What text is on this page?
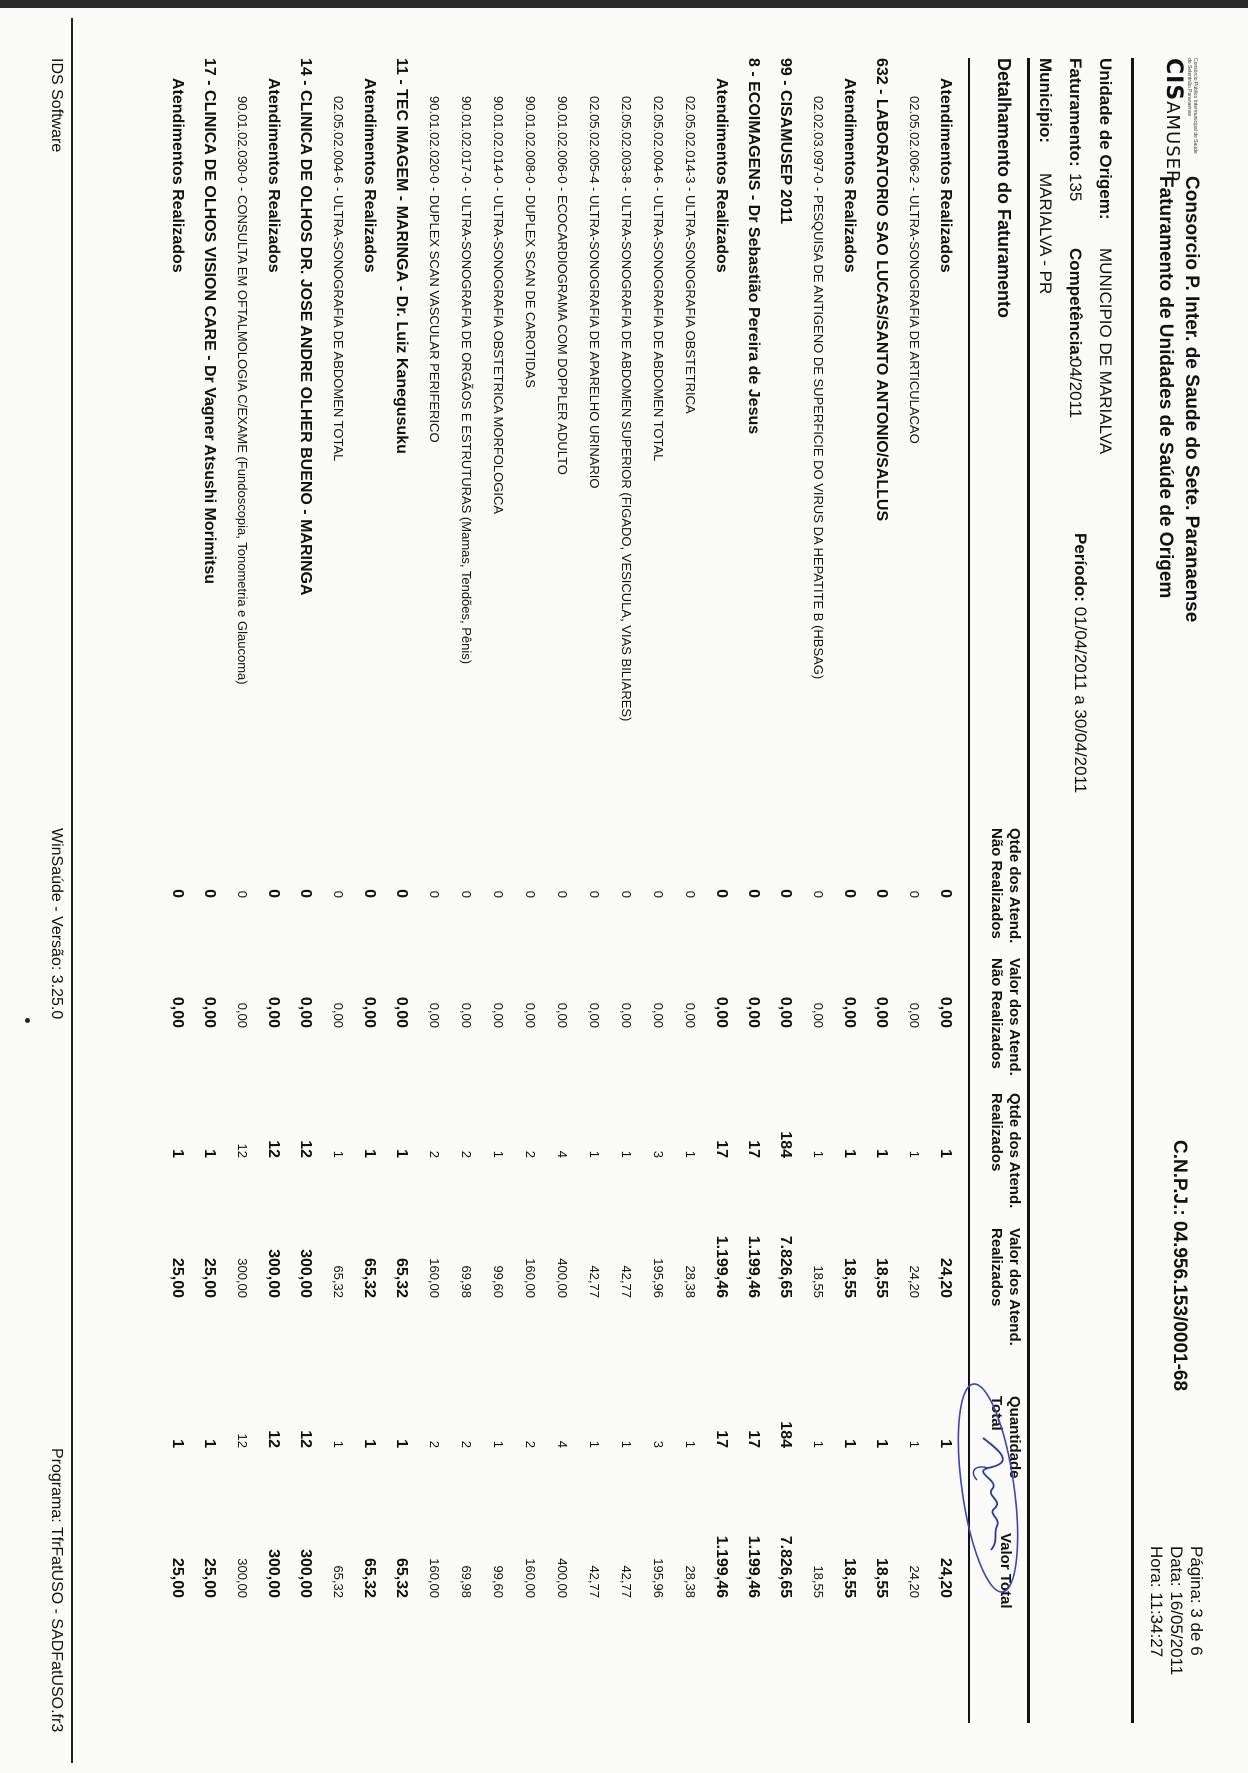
Consórcio Público Intermunicipal de Saúde do Setentrião Paranaense
CISAMUSEP
Consorcio P. Inter. de Saude do Sete. Paranaense
Faturamento de Unidades de Saúde de Origem
C.N.P.J.: 04.956.153/0001-68
Página: 3 de 6
Data: 16/05/2011
Hora: 11:34:27
Unidade de Origem:MUNICIPIO DE MARIALVA
Faturamento:135Competência:04/2011
Município:MARIALVA - PR
Período: 01/04/2011 a 30/04/2011
Detalhamento do Faturamento
Qtde dos Atend.
Não Realizados
Valor dos Atend.
Não Realizados
Qtde dos Atend.
Realizados
Valor dos Atend.
Realizados
Quantidade
Total
Valor Total
Atendimentos Realizados
0
0,00
1
24,20
1
24,20
02.05.02.006-2 - ULTRA-SONOGRAFIA DE ARTICULACAO
0
0,00
1
24,20
1
24,20
632 - LABORATORIO SAO LUCAS/SANTO ANTONIO/SALLUS
0
0,00
1
18,55
1
18,55
Atendimentos Realizados
0
0,00
1
18,55
1
18,55
02.02.03.097-0 - PESQUISA DE ANTIGENO DE SUPERFICIE DO VIRUS DA HEPATITE B (HBSAG)
0
0,00
1
18,55
1
18,55
99 - CISAMUSEP 2011
0
0,00
184
7.826,65
184
7.826,65
8 - ECOIMAGENS - Dr Sebastião Pereira de Jesus
0
0,00
17
1.199,46
17
1.199,46
Atendimentos Realizados
0
0,00
17
1.199,46
17
1.199,46
02.05.02.014-3 - ULTRA-SONOGRAFIA OBSTETRICA
0
0,00
1
28,38
1
28,38
02.05.02.004-6 - ULTRA-SONOGRAFIA DE ABDOMEN TOTAL
0
0,00
3
195,96
3
195,96
02.05.02.003-8 - ULTRA-SONOGRAFIA DE ABDOMEN SUPERIOR (FIGADO, VESICULA, VIAS BILIARES)
0
0,00
1
42,77
1
42,77
02.05.02.005-4 - ULTRA-SONOGRAFIA DE APARELHO URINARIO
0
0,00
1
42,77
1
42,77
90.01.02.006-0 - ECOCARDIOGRAMA COM DOPPLER ADULTO
0
0,00
4
400,00
4
400,00
90.01.02.008-0 - DUPLEX SCAN DE CAROTIDAS
0
0,00
2
160,00
2
160,00
90.01.02.014-0 - ULTRA-SONOGRAFIA OBSTETRICA MORFOLOGICA
0
0,00
1
99,60
1
99,60
90.01.02.017-0 - ULTRA-SONOGRAFIA DE ORGÃOS E ESTRUTURAS (Mamas, Tendões, Pênis)
0
0,00
2
69,98
2
69,98
90.01.02.020-0 - DUPLEX SCAN VASCULAR PERIFERICO
0
0,00
2
160,00
2
160,00
11 - TEC IMAGEM - MARINGA - Dr. Luiz Kanegusuku
0
0,00
1
65,32
1
65,32
Atendimentos Realizados
0
0,00
1
65,32
1
65,32
02.05.02.004-6 - ULTRA-SONOGRAFIA DE ABDOMEN TOTAL
0
0,00
1
65,32
1
65,32
14 - CLINICA DE OLHOS DR. JOSE ANDRE OLHER BUENO - MARINGA
0
0,00
12
300,00
12
300,00
Atendimentos Realizados
0
0,00
12
300,00
12
300,00
90.01.02.030-0 - CONSULTA EM OFTALMOLOGIA C/EXAME (Fundoscopia, Tonometria e Glaucoma)
0
0,00
12
300,00
12
300,00
17 - CLINICA DE OLHOS VISION CARE - Dr Vagner Atsushi Morimitsu
0
0,00
1
25,00
1
25,00
Atendimentos Realizados
0
0,00
1
25,00
1
25,00
IDS Software
WinSaúde - Versão: 3.25.0
Programa: TfrFatUSO - SADFatUSO.fr3
